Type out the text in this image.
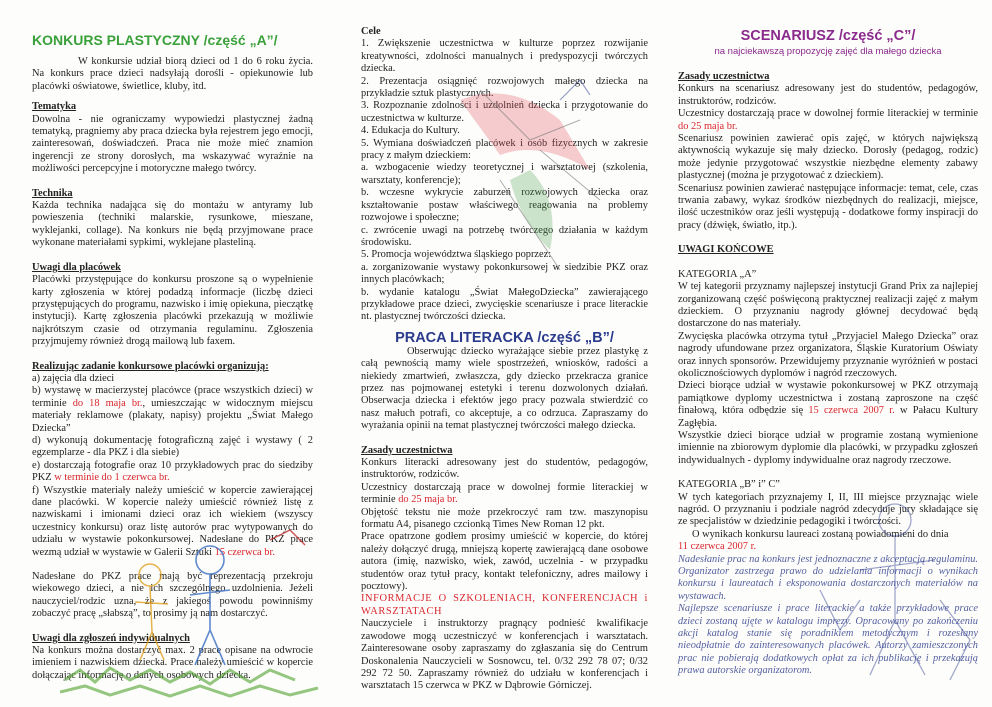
KONKURS PLASTYCZNY /część „A”/

W konkursie udział biorą dzieci od 1 do 6 roku życia. Na konkurs prace dzieci nadsyłają dorośli - opiekunowie lub placówki oświatowe, świetlice, kluby, itd.

Tematyka

Dowolna - nie ograniczamy wypowiedzi plastycznej żadną tematyką, pragniemy aby praca dziecka była rejestrem jego emocji, zainteresowań, doświadczeń. Praca nie może mieć znamion ingerencji ze strony dorosłych, ma wskazywać wyraźnie na możliwości percepcyjne i motoryczne małego twórcy.

Technika

Każda technika nadająca się do montażu w antyramy lub powieszenia (techniki malarskie, rysunkowe, mieszane, wyklejanki, collage). Na konkurs nie będą przyjmowane prace wykonane materiałami sypkimi, wyklejane plasteliną.

Uwagi dla placówek

Placówki przystępujące do konkursu proszone są o wypełnienie karty zgłoszenia w której podadzą informacje (liczbę dzieci przystępujących do programu, nazwisko i imię opiekuna, pieczątkę instytucji). Kartę zgłoszenia placówki przekazują w możliwie najkrótszym czasie od otrzymania regulaminu. Zgłoszenia przyjmujemy również drogą mailową lub faxem.

Realizując zadanie konkursowe placówki organizują:

a) zajęcia dla dzieci

b) wystawę w macierzystej placówce (prace wszystkich dzieci) w terminie do 18 maja br., umieszczając w widocznym miejscu materiały reklamowe (plakaty, napisy) projektu „Świat Małego Dziecka”

d) wykonują dokumentację fotograficzną zajęć i wystawy ( 2 egzemplarze - dla PKZ i dla siebie)

e) dostarczają fotografie oraz 10 przykładowych prac do siedziby PKZ w terminie do 1 czerwca br.

f) Wszystkie materiały należy umieścić w kopercie zawierającej dane placówki. W kopercie należy umieścić również listę z nazwiskami i imionami dzieci oraz ich wiekiem (wszyscy uczestnicy konkursu) oraz listę autorów prac wytypowanych do udziału w wystawie pokonkursowej. Nadesłane do PKZ prace wezmą udział w wystawie w Galerii Sztuki 15 czerwca br.

Nadesłane do PKZ prace mają być reprezentacją przekroju wiekowego dzieci, a nie ich szczególnego uzdolnienia. Jeżeli nauczyciel/rodzic uzna, że z jakiegoś powodu powinniśmy zobaczyć pracę „słabszą”, to prosimy ją nam dostarczyć.

Uwagi dla zgłoszeń indywidualnych

Na konkurs można dostarczyć max. 2 prace opisane na odwrocie imieniem i nazwiskiem dziecka. Prace należy umieścić w kopercie dołączając informację o danych osobowych dziecka.

Cele

1. Zwiększenie uczestnictwa w kulturze poprzez rozwijanie kreatywności, zdolności manualnych i predyspozycji twórczych dziecka.

2. Prezentacja osiągnięć rozwojowych małego dziecka na przykładzie sztuk plastycznych.

3. Rozpoznanie zdolności i uzdolnień dziecka i przygotowanie do uczestnictwa w kulturze.

4. Edukacja do Kultury.

5. Wymiana doświadczeń placówek i osób fizycznych w zakresie pracy z małym dzieckiem:

a. wzbogacenie wiedzy teoretycznej i warsztatowej (szkolenia, warsztaty, konferencje);

b. wczesne wykrycie zaburzeń rozwojowych dziecka oraz kształtowanie postaw właściwego reagowania na problemy rozwojowe i społeczne;

c. zwrócenie uwagi na potrzebę twórczego działania w każdym środowisku.

5. Promocja województwa śląskiego poprzez:

a. zorganizowanie wystawy pokonkursowej w siedzibie PKZ oraz innych placówkach;

b. wydanie katalogu „Świat MałegoDziecka” zawierającego przykładowe prace dzieci, zwycięskie scenariusze i prace literackie nt. plastycznej twórczości dziecka.

PRACA LITERACKA /część „B”/

Obserwując dziecko wyrażające siebie przez plastykę z całą pewnością mamy wiele spostrzeżeń, wniosków, radości a niekiedy zmartwień, zwłaszcza, gdy dziecko przekracza granice przez nas pojmowanej estetyki i terenu dozwolonych działań. Obserwacja dziecka i efektów jego pracy pozwala stwierdzić co nasz małuch potrafi, co akceptuje, a co odrzuca. Zapraszamy do wyrażania opinii na temat plastycznej twórczości małego dziecka.

Zasady uczestnictwa

Konkurs literacki adresowany jest do studentów, pedagogów, instruktorów, rodziców.

Uczestnicy dostarczają prace w dowolnej formie literackiej w terminie do 25 maja br.

Objętość tekstu nie może przekroczyć ram tzw. maszynopisu formatu A4, pisanego czcionką Times New Roman 12 pkt.

Prace opatrzone godłem prosimy umieścić w kopercie, do której należy dołączyć drugą, mniejszą kopertę zawierającą dane osobowe autora (imię, nazwisko, wiek, zawód, uczelnia - w przypadku studentów oraz tytuł pracy, kontakt telefoniczny, adres mailowy i pocztowy).

INFORMACJE O SZKOLENIACH, KONFERENCJACH i WARSZTATACH

Nauczyciele i instruktorzy pragnący podnieść kwalifikacje zawodowe mogą uczestniczyć w konferencjach i warsztatach. Zainteresowane osoby zapraszamy do zgłaszania się do Centrum Doskonalenia Nauczycieli w Sosnowcu, tel. 0/32 292 78 07; 0/32 292 72 50. Zapraszamy również do udziału w konferencjach i warsztatach 15 czerwca w PKZ w Dąbrowie Górniczej.

SCENARIUSZ /część „C”/

na najciekawszą propozycję zajęć dla małego dziecka

Zasady uczestnictwa

Konkurs na scenariusz adresowany jest do studentów, pedagogów, instruktorów, rodziców.

Uczestnicy dostarczają prace w dowolnej formie literackiej w terminie do 25 maja br.

Scenariusz powinien zawierać opis zajęć, w których największą aktywnością wykazuje się mały dziecko. Dorosły (pedagog, rodzic) może jedynie przygotować wszystkie niezbędne elementy zabawy plastycznej (można je przygotować z dzieckiem).

Scenariusz powinien zawierać następujące informacje: temat, cele, czas trwania zabawy, wykaz środków niezbędnych do realizacji, miejsce, ilość uczestników oraz jeśli występują - dodatkowe formy inspiracji do pracy (dźwięk, światło, itp.).

UWAGI KOŃCOWE

KATEGORIA „A”

W tej kategorii przyznamy najlepszej instytucji Grand Prix za najlepiej zorganizowaną część poświęconą praktycznej realizacji zajęć z małym dzieckiem. O przyznaniu nagrody głównej decydować będą dostarczone do nas materiały.

Zwycięska placówka otrzyma tytuł „Przyjaciel Małego Dziecka” oraz nagrody ufundowane przez organizatora, Śląskie Kuratorium Oświaty oraz innych sponsorów. Przewidujemy przyznanie wyróżnień w postaci okolicznościowych dyplomów i nagród rzeczowych.

Dzieci biorące udział w wystawie pokonkursowej w PKZ otrzymają pamiątkowe dyplomy uczestnictwa i zostaną zaproszone na część finałową, która odbędzie się 15 czerwca 2007 r. w Pałacu Kultury Zagłębia.

Wszystkie dzieci biorące udział w programie zostaną wymienione imiennie na zbiorowym dyplomie dla placówki, w przypadku zgłoszeń indywidualnych - dyplomy indywidualne oraz nagrody rzeczowe.

KATEGORIA „B” i” C”

W tych kategoriach przyznajemy I, II, III miejsce przyznając wiele nagród. O przyznaniu i podziale nagród zdecyduje jury składające się ze specjalistów w dziedzinie pedagogiki i twórczości.

O wynikach konkursu laureaci zostaną powiadomieni do dnia

11 czerwca 2007 r.

Nadesłanie prac na konkurs jest jednoznaczne z akceptacją regulaminu. Organizator zastrzega prawo do udzielania informacji o wynikach konkursu i laureatach i eksponowania dostarczonych materiałów na wystawach.

Najlepsze scenariusze i prace literackie a także przykładowe prace dzieci zostaną ujęte w katalogu imprezy. Opracowany po zakończeniu akcji katalog stanie się poradnikiem metodycznym i rozesłany nieodpłatnie do zainteresowanych placówek. Autorzy zamieszczonych prac nie pobierają dodatkowych opłat za ich publikację i przekazują prawa autorskie organizatorom.
